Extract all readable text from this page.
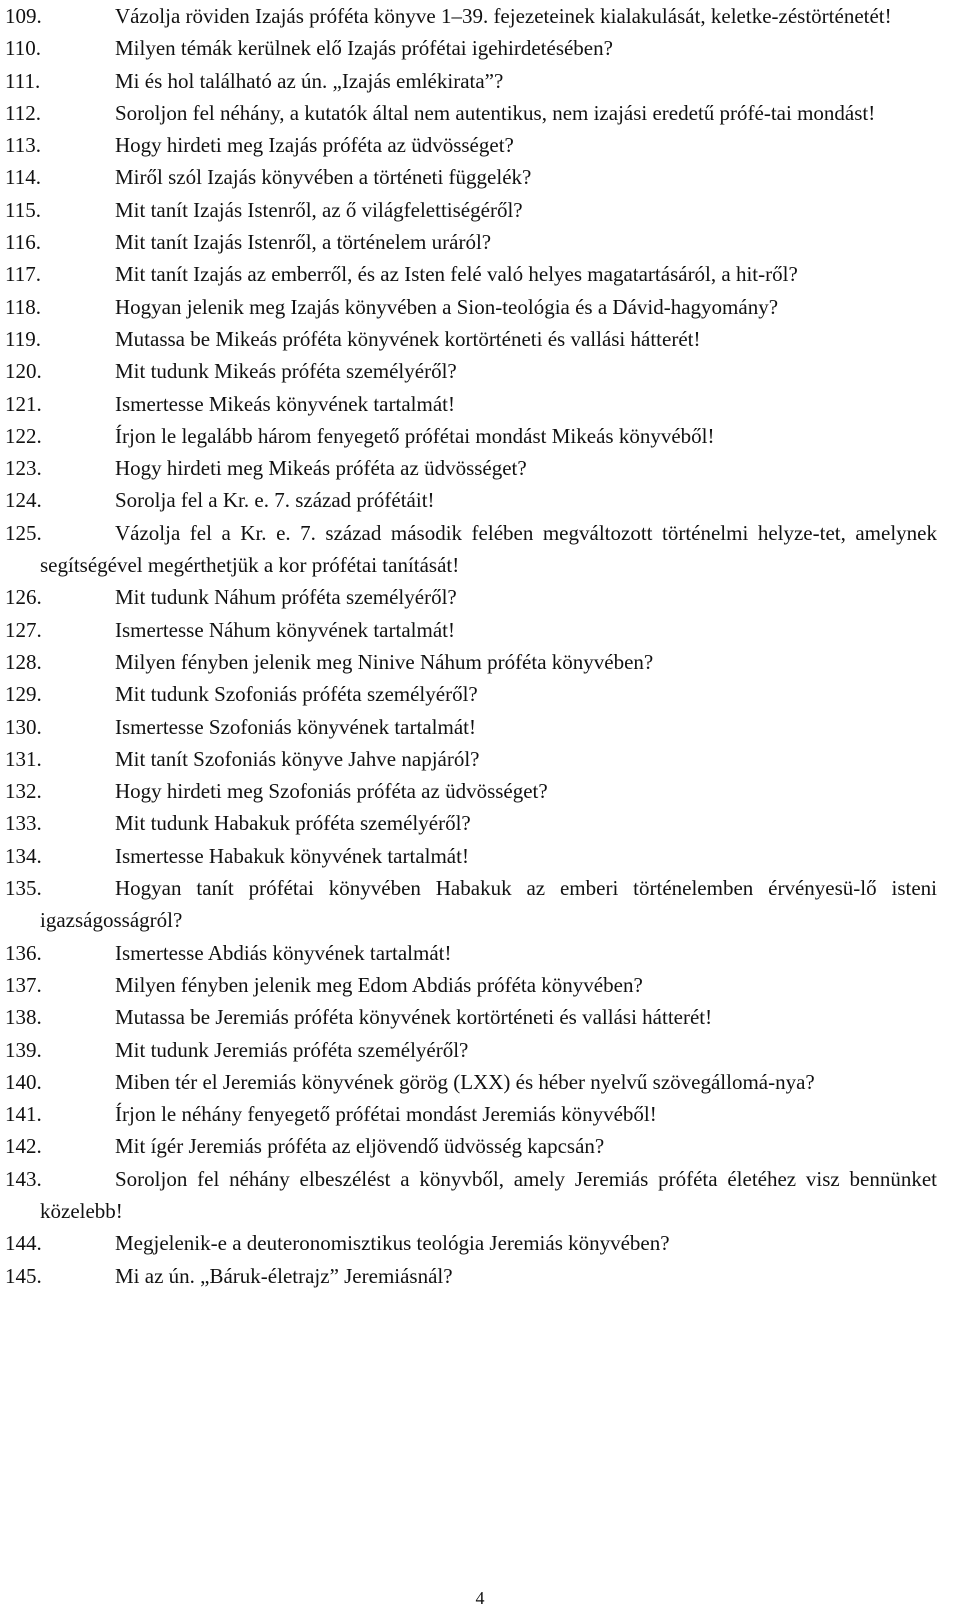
109.	Vázolja röviden Izajás próféta könyve 1–39. fejezeteinek kialakulását, keletke-zéstörténetét!
110.	Milyen témák kerülnek elő Izajás prófétai igehirdetésében?
111.	Mi és hol található az ún. „Izajás emlékirata”?
112.	Soroljon fel néhány, a kutatók által nem autentikus, nem izajási eredetű prófé-tai mondást!
113.	Hogy hirdeti meg Izajás próféta az üdvösséget?
114.	Miről szól Izajás könyvében a történeti függelék?
115.	Mit tanít Izajás Istenről, az ő világfelettiségéről?
116.	Mit tanít Izajás Istenről, a történelem uráról?
117.	Mit tanít Izajás az emberről, és az Isten felé való helyes magatartásáról, a hit-ről?
118.	Hogyan jelenik meg Izajás könyvében a Sion-teológia és a Dávid-hagyomány?
119.	Mutassa be Mikeás próféta könyvének kortörténeti és vallási hátterét!
120.	Mit tudunk Mikeás próféta személyéről?
121.	Ismertesse Mikeás könyvének tartalmát!
122.	Írjon le legalább három fenyegető prófétai mondást Mikeás könyvéből!
123.	Hogy hirdeti meg Mikeás próféta az üdvösséget?
124.	Sorolja fel a Kr. e. 7. század prófétáit!
125.	Vázolja fel a Kr. e. 7. század második felében megváltozott történelmi helyze-tet, amelynek segítségével megérthetjük a kor prófétai tanítását!
126.	Mit tudunk Náhum próféta személyéről?
127.	Ismertesse Náhum könyvének tartalmát!
128.	Milyen fényben jelenik meg Ninive Náhum próféta könyvében?
129.	Mit tudunk Szofoniás próféta személyéről?
130.	Ismertesse Szofoniás könyvének tartalmát!
131.	Mit tanít Szofoniás könyve Jahve napjáról?
132.	Hogy hirdeti meg Szofoniás próféta az üdvösséget?
133.	Mit tudunk Habakuk próféta személyéről?
134.	Ismertesse Habakuk könyvének tartalmát!
135.	Hogyan tanít prófétai könyvében Habakuk az emberi történelemben érvényesü-lő isteni igazságosságról?
136.	Ismertesse Abdiás könyvének tartalmát!
137.	Milyen fényben jelenik meg Edom Abdiás próféta könyvében?
138.	Mutassa be Jeremiás próféta könyvének kortörténeti és vallási hátterét!
139.	Mit tudunk Jeremiás próféta személyéről?
140.	Miben tér el Jeremiás könyvének görög (LXX) és héber nyelvű szövegállomá-nya?
141.	Írjon le néhány fenyegető prófétai mondást Jeremiás könyvéből!
142.	Mit ígér Jeremiás próféta az eljövendő üdvösség kapcsán?
143.	Soroljon fel néhány elbeszélést a könyvből, amely Jeremiás próféta életéhez visz bennünket közelebb!
144.	Megjelenik-e a deuteronomisztikus teológia Jeremiás könyvében?
145.	Mi az ún. „Báruk-életrajz” Jeremiásnál?
4
